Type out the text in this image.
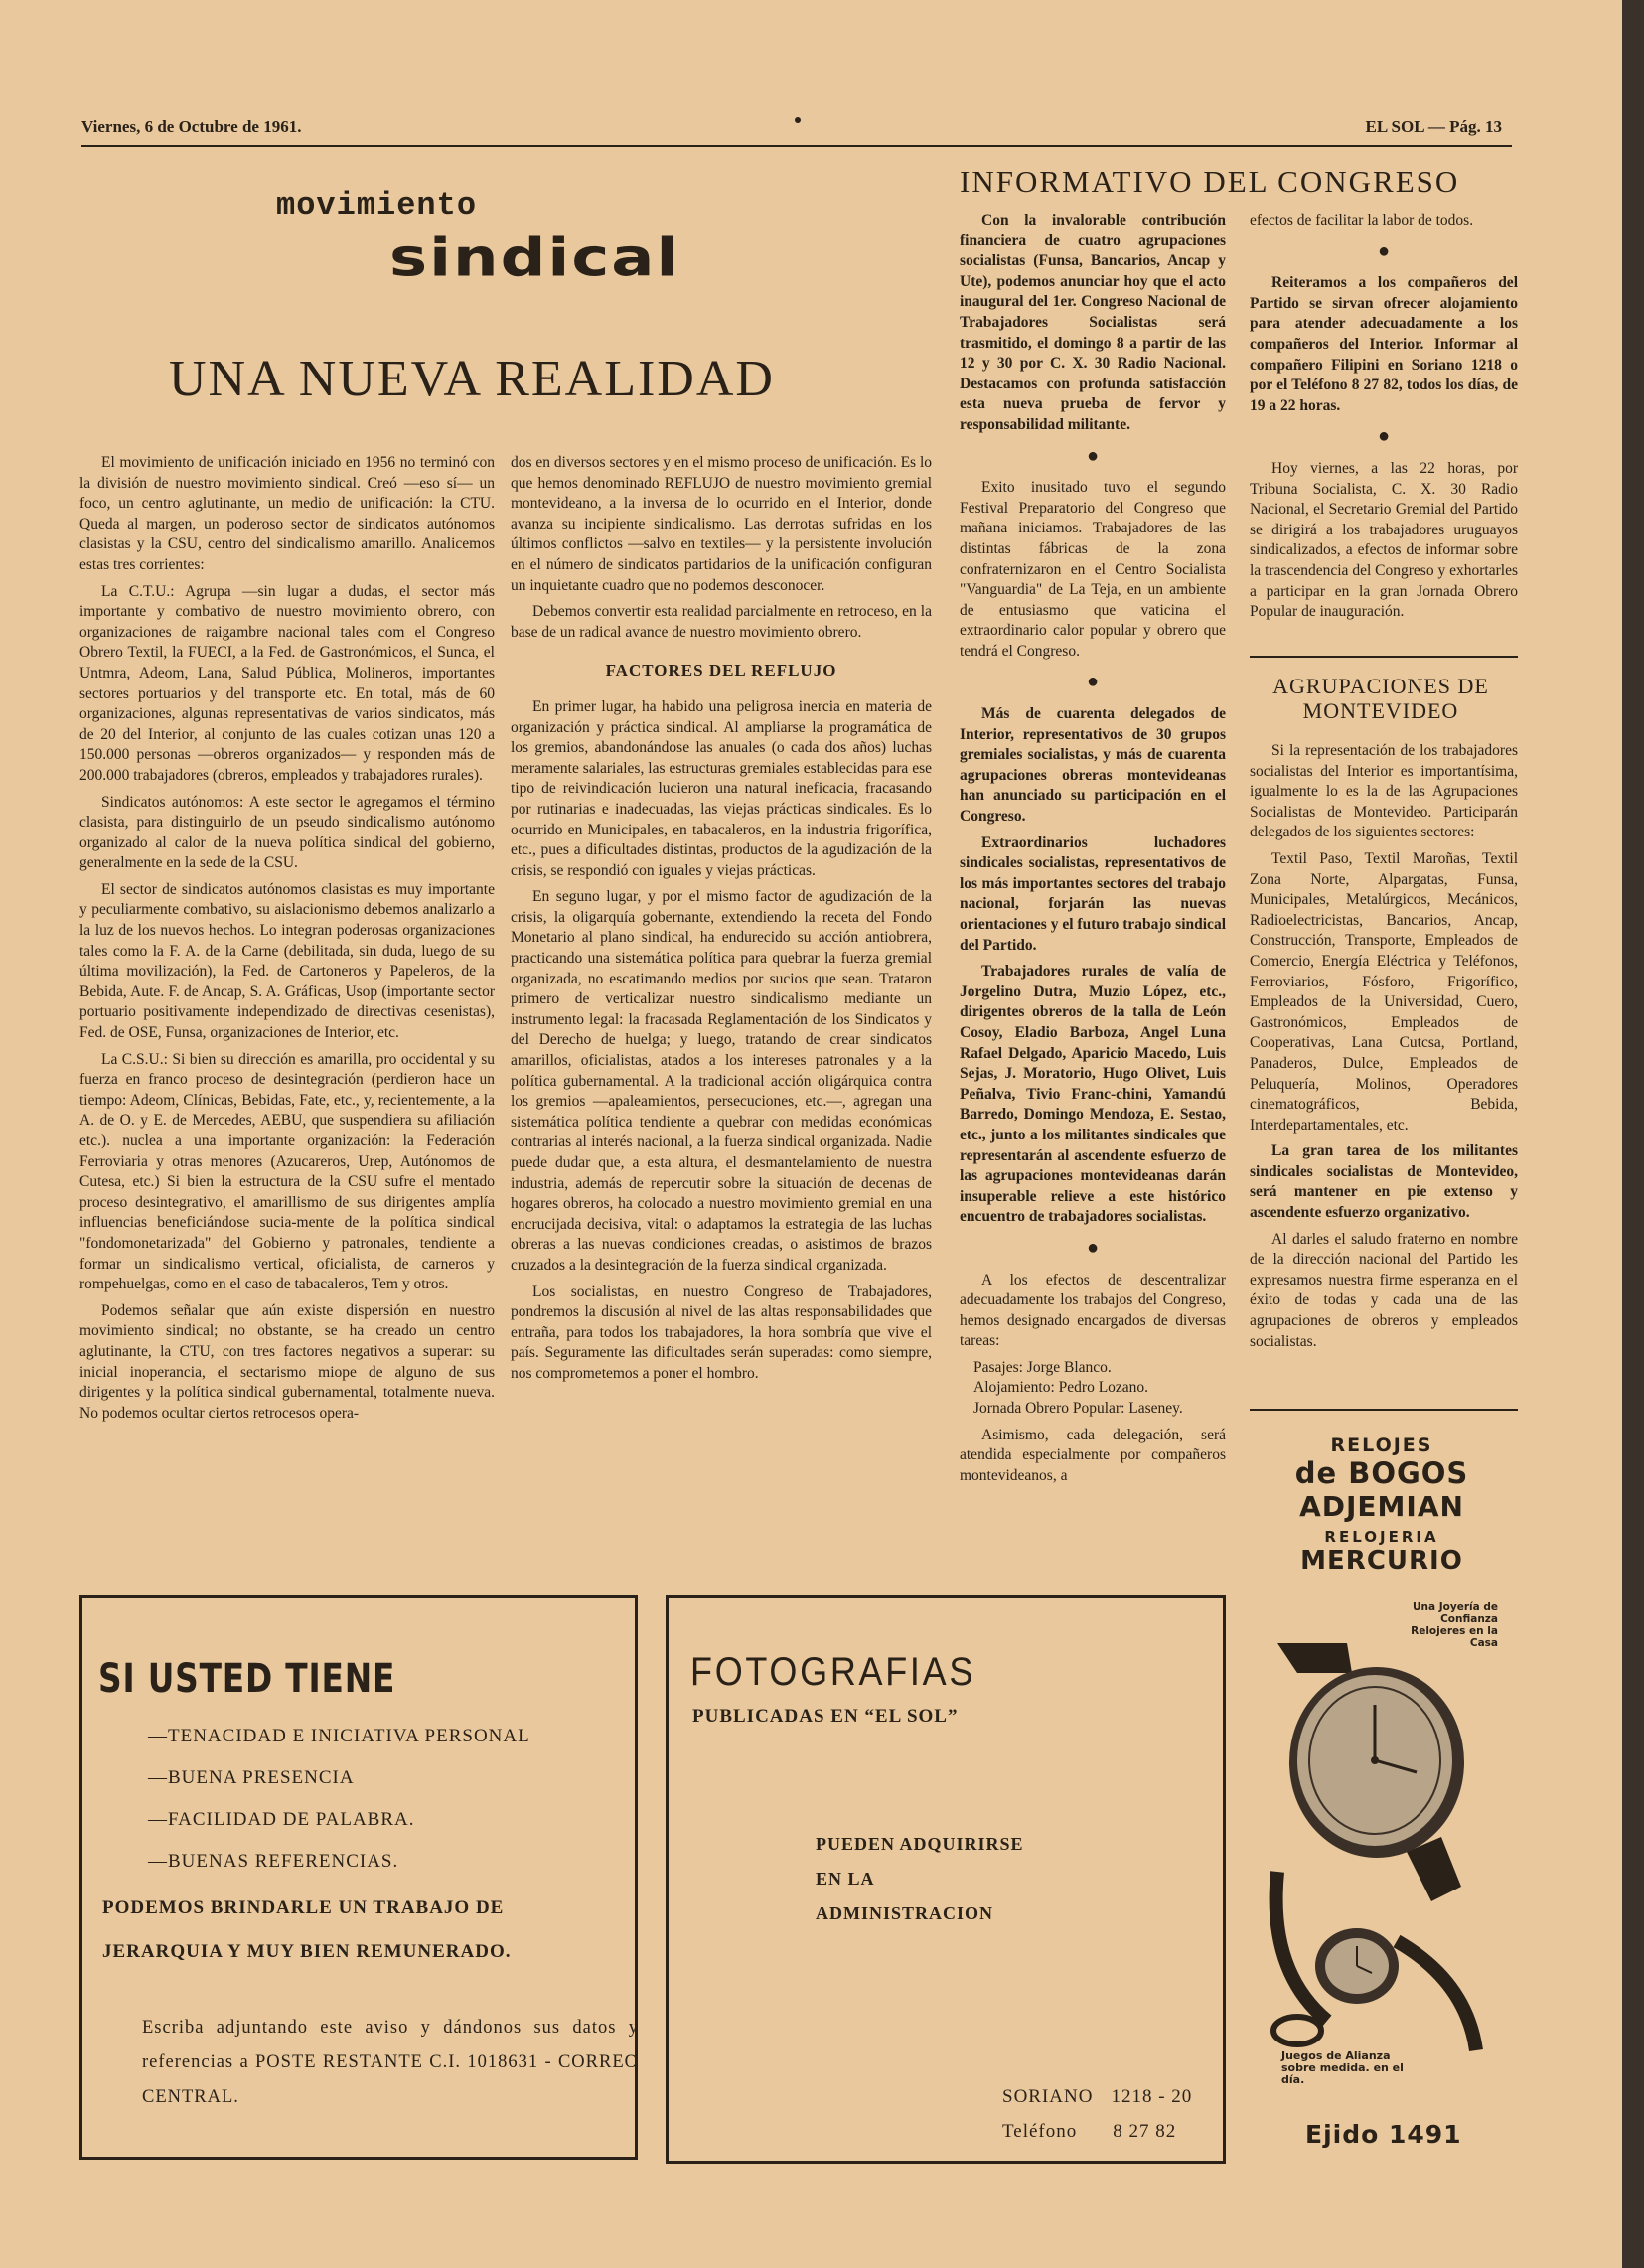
Viernes, 6 de Octubre de 1961.	EL SOL — Pág. 13
movimiento
sindical
UNA NUEVA REALIDAD

El movimiento de unificación iniciado en 1956 no terminó con la división de nuestro movimiento sindical. Creó —eso sí— un foco, un centro aglutinante, un medio de unificación: la CTU. Queda al margen, un poderoso sector de sindicatos autónomos clasistas y la CSU, centro del sindicalismo amarillo. Analicemos estas tres corrientes:

La C.T.U.: Agrupa —sin lugar a dudas, el sector más importante y combativo de nuestro movimiento obrero, con organizaciones de raigambre nacional tales com el Congreso Obrero Textil, la FUECI, a la Fed. de Gastronómicos, el Sunca, el Untmra, Adeom, Lana, Salud Pública, Molineros, importantes sectores portuarios y del transporte etc. En total, más de 60 organizaciones, algunas representativas de varios sindicatos, más de 20 del Interior, al conjunto de las cuales cotizan unas 120 a 150.000 personas —obreros organizados— y responden más de 200.000 trabajadores (obreros, empleados y trabajadores rurales).

Sindicatos autónomos: A este sector le agregamos el término clasista, para distinguirlo de un pseudo sindicalismo autónomo organizado al calor de la nueva política sindical del gobierno, generalmente en la sede de la CSU.

El sector de sindicatos autónomos clasistas es muy importante y peculiarmente combativo, su aislacionismo debemos analizarlo a la luz de los nuevos hechos. Lo integran poderosas organizaciones tales como la F. A. de la Carne (debilitada, sin duda, luego de su última movilización), la Fed. de Cartoneros y Papeleros, de la Bebida, Aute. F. de Ancap, S. A. Gráficas, Usop (importante sector portuario positivamente independizado de directivas cesenistas), Fed. de OSE, Funsa, organizaciones de Interior, etc.

La C.S.U.: Si bien su dirección es amarilla, pro occidental y su fuerza en franco proceso de desintegración (perdieron hace un tiempo: Adeom, Clínicas, Bebidas, Fate, etc., y, recientemente, a la A. de O. y E. de Mercedes, AEBU, que suspendiera su afiliación etc.). nuclea a una importante organización: la Federación Ferroviaria y otras menores (Azucareros, Urep, Autónomos de Cutesa, etc.) Si bien la estructura de la CSU sufre el mentado proceso desintegrativo, el amarillismo de sus dirigentes amplía influencias beneficiándose sucia-mente de la política sindical "fondomonetarizada" del Gobierno y patronales, tendiente a formar un sindicalismo vertical, oficialista, de carneros y rompehuelgas, como en el caso de tabacaleros, Tem y otros.

Podemos señalar que aún existe dispersión en nuestro movimiento sindical; no obstante, se ha creado un centro aglutinante, la CTU, con tres factores negativos a superar: su inicial inoperancia, el sectarismo miope de alguno de sus dirigentes y la política sindical gubernamental, totalmente nueva. No podemos ocultar ciertos retrocesos opera-

dos en diversos sectores y en el mismo proceso de unificación. Es lo que hemos denominado REFLUJO de nuestro movimiento gremial montevideano, a la inversa de lo ocurrido en el Interior, donde avanza su incipiente sindicalismo. Las derrotas sufridas en los últimos conflictos —salvo en textiles— y la persistente involución en el número de sindicatos partidarios de la unificación configuran un inquietante cuadro que no podemos desconocer.

Debemos convertir esta realidad parcialmente en retroceso, en la base de un radical avance de nuestro movimiento obrero.

FACTORES DEL REFLUJO

En primer lugar, ha habido una peligrosa inercia en materia de organización y práctica sindical. Al ampliarse la programática de los gremios, abandonándose las anuales (o cada dos años) luchas meramente salariales, las estructuras gremiales establecidas para ese tipo de reivindicación lucieron una natural ineficacia, fracasando por rutinarias e inadecuadas, las viejas prácticas sindicales. Es lo ocurrido en Municipales, en tabacaleros, en la industria frigorífica, etc., pues a dificultades distintas, productos de la agudización de la crisis, se respondió con iguales y viejas prácticas.

En seguno lugar, y por el mismo factor de agudización de la crisis, la oligarquía gobernante, extendiendo la receta del Fondo Monetario al plano sindical, ha endurecido su acción antiobrera, practicando una sistemática política para quebrar la fuerza gremial organizada, no escatimando medios por sucios que sean. Trataron primero de verticalizar nuestro sindicalismo mediante un instrumento legal: la fracasada Reglamentación de los Sindicatos y del Derecho de huelga; y luego, tratando de crear sindicatos amarillos, oficialistas, atados a los intereses patronales y a la política gubernamental. A la tradicional acción oligárquica contra los gremios —apaleamientos, persecuciones, etc.—, agregan una sistemática política tendiente a quebrar con medidas económicas contrarias al interés nacional, a la fuerza sindical organizada. Nadie puede dudar que, a esta altura, el desmantelamiento de nuestra industria, además de repercutir sobre la situación de decenas de hogares obreros, ha colocado a nuestro movimiento gremial en una encrucijada decisiva, vital: o adaptamos la estrategia de las luchas obreras a las nuevas condiciones creadas, o asistimos de brazos cruzados a la desintegración de la fuerza sindical organizada.

Los socialistas, en nuestro Congreso de Trabajadores, pondremos la discusión al nivel de las altas responsabilidades que entraña, para todos los trabajadores, la hora sombría que vive el país. Seguramente las dificultades serán superadas: como siempre, nos comprometemos a poner el hombro.

INFORMATIVO DEL CONGRESO

Con la invalorable contribución financiera de cuatro agrupaciones socialistas (Funsa, Bancarios, Ancap y Ute), podemos anunciar hoy que el acto inaugural del 1er. Congreso Nacional de Trabajadores Socialistas será trasmitido, el domingo 8 a partir de las 12 y 30 por C. X. 30 Radio Nacional. Destacamos con profunda satisfacción esta nueva prueba de fervor y responsabilidad militante.

●

Exito inusitado tuvo el segundo Festival Preparatorio del Congreso que mañana iniciamos. Trabajadores de las distintas fábricas de la zona confraternizaron en el Centro Socialista "Vanguardia" de La Teja, en un ambiente de entusiasmo que vaticina el extraordinario calor popular y obrero que tendrá el Congreso.

●

Más de cuarenta delegados de Interior, representativos de 30 grupos gremiales socialistas, y más de cuarenta agrupaciones obreras montevideanas han anunciado su participación en el Congreso.

Extraordinarios luchadores sindicales socialistas, representativos de los más importantes sectores del trabajo nacional, forjarán las nuevas orientaciones y el futuro trabajo sindical del Partido.

Trabajadores rurales de valía de Jorgelino Dutra, Muzio López, etc., dirigentes obreros de la talla de León Cosoy, Eladio Barboza, Angel Luna Rafael Delgado, Aparicio Macedo, Luis Sejas, J. Moratorio, Hugo Olivet, Luis Peñalva, Tivio Franc-chini, Yamandú Barredo, Domingo Mendoza, E. Sestao, etc., junto a los militantes sindicales que representarán al ascendente esfuerzo de las agrupaciones montevideanas darán insuperable relieve a este histórico encuentro de trabajadores socialistas.

●

A los efectos de descentralizar adecuadamente los trabajos del Congreso, hemos designado encargados de diversas tareas:

Pasajes: Jorge Blanco.

Alojamiento: Pedro Lozano.

Jornada Obrero Popular: Laseney.

Asimismo, cada delegación, será atendida especialmente por compañeros montevideanos, a

efectos de facilitar la labor de todos.

●

Reiteramos a los compañeros del Partido se sirvan ofrecer alojamiento para atender adecuadamente a los compañeros del Interior. Informar al compañero Filipini en Soriano 1218 o por el Teléfono 8 27 82, todos los días, de 19 a 22 horas.

●

Hoy viernes, a las 22 horas, por Tribuna Socialista, C. X. 30 Radio Nacional, el Secretario Gremial del Partido se dirigirá a los trabajadores uruguayos sindicalizados, a efectos de informar sobre la trascendencia del Congreso y exhortarles a participar en la gran Jornada Obrero Popular de inauguración.

AGRUPACIONES DE MONTEVIDEO

Si la representación de los trabajadores socialistas del Interior es importantísima, igualmente lo es la de las Agrupaciones Socialistas de Montevideo. Participarán delegados de los siguientes sectores:

Textil Paso, Textil Maroñas, Textil Zona Norte, Alpargatas, Funsa, Municipales, Metalúrgicos, Mecánicos, Radioelectricistas, Bancarios, Ancap, Construcción, Transporte, Empleados de Comercio, Energía Eléctrica y Teléfonos, Ferroviarios, Fósforo, Frigorífico, Empleados de la Universidad, Cuero, Gastronómicos, Empleados de Cooperativas, Lana Cutcsa, Portland, Panaderos, Dulce, Empleados de Peluquería, Molinos, Operadores cinematográficos, Bebida, Interdepartamentales, etc.

La gran tarea de los militantes sindicales socialistas de Montevideo, será mantener en pie extenso y ascendente esfuerzo organizativo.

Al darles el saludo fraterno en nombre de la dirección nacional del Partido les expresamos nuestra firme esperanza en el éxito de todas y cada una de las agrupaciones de obreros y empleados socialistas.

SI USTED TIENE
— TENACIDAD E INICIATIVA PERSONAL
— BUENA PRESENCIA
— FACILIDAD DE PALABRA.
— BUENAS REFERENCIAS.
PODEMOS BRINDARLE UN TRABAJO DE JERARQUIA Y MUY BIEN REMUNERADO.
Escriba adjuntando este aviso y dándonos sus datos y referencias a POSTE RESTANTE C.I. 1018631 - CORREO CENTRAL.
FOTOGRAFIAS
PUBLICADAS EN “EL SOL”
PUEDEN ADQUIRIRSE
EN LA
ADMINISTRACION
SORIANO 1218 - 20
Teléfono 8 27 82
RELOJES
de BOGOS
ADJEMIAN
RELOJERIA
MERCURIO
Una Joyería de Confianza Relojeres en la Casa
Juegos de Alianza sobre medida. en el día.
Ejido 1491
